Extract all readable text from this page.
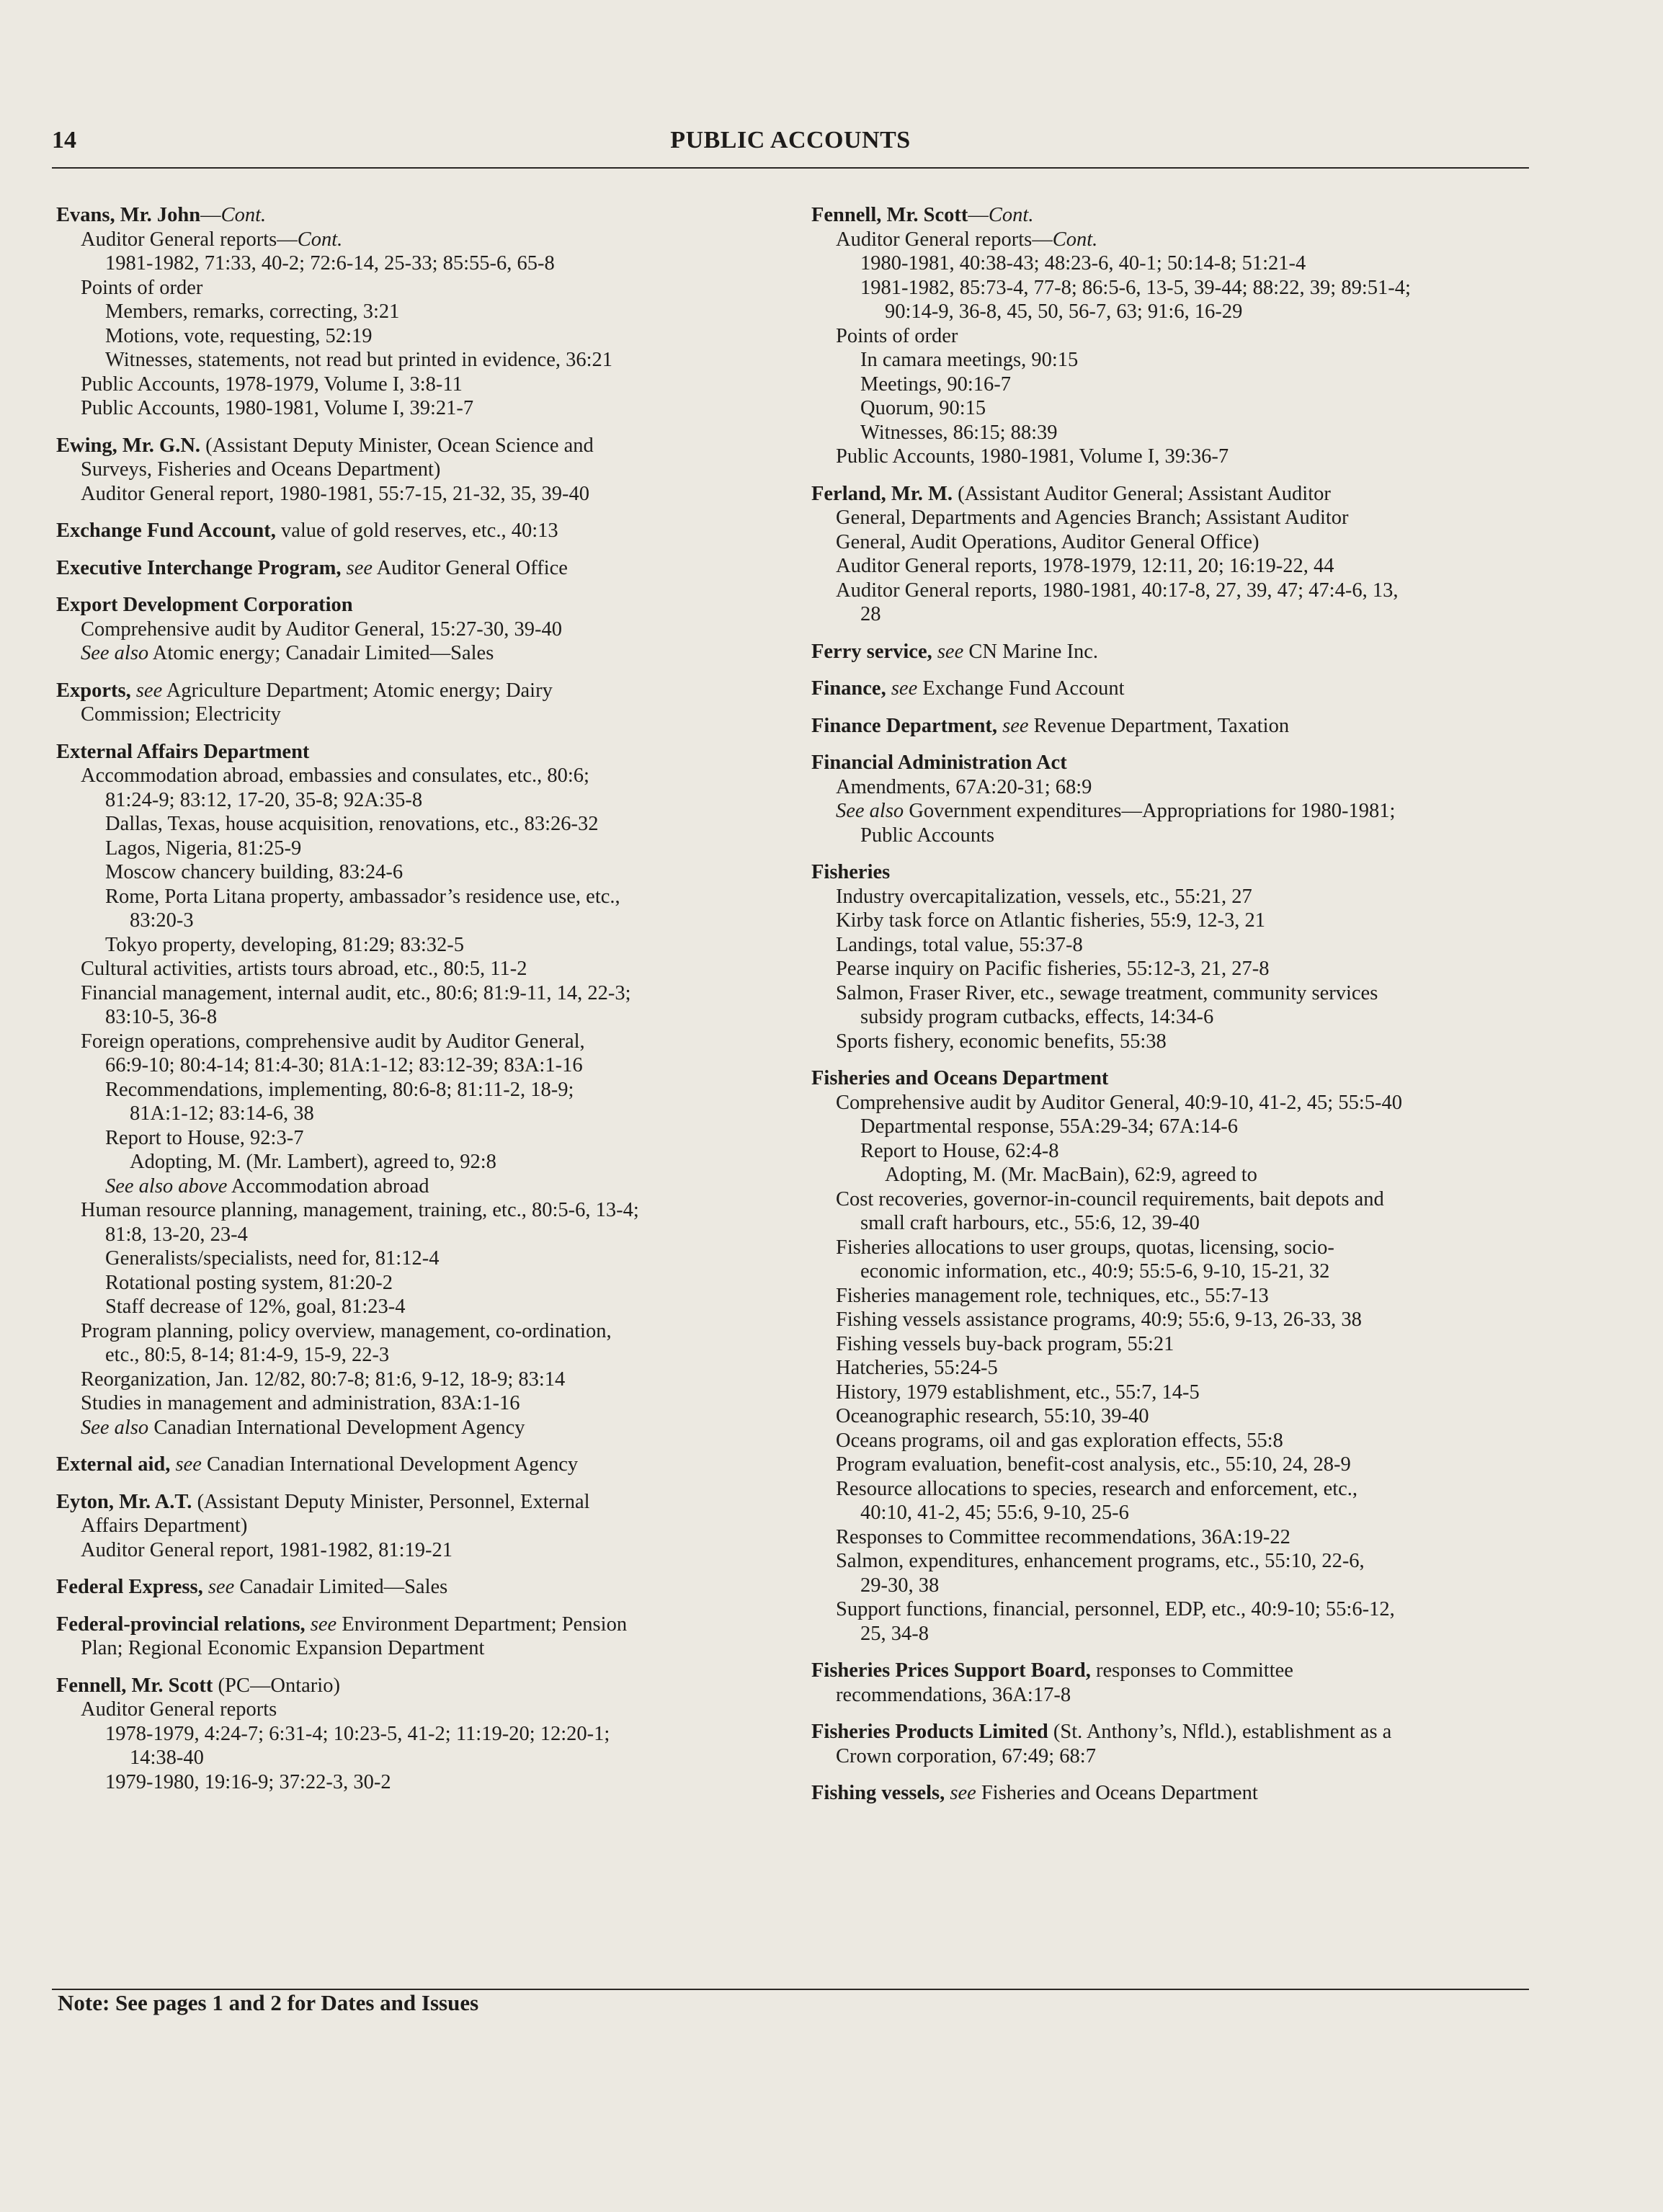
14	PUBLIC ACCOUNTS
Evans, Mr. John—Cont.
Auditor General reports—Cont.
1981-1982, 71:33, 40-2; 72:6-14, 25-33; 85:55-6, 65-8
Points of order
Members, remarks, correcting, 3:21
Motions, vote, requesting, 52:19
Witnesses, statements, not read but printed in evidence, 36:21
Public Accounts, 1978-1979, Volume I, 3:8-11
Public Accounts, 1980-1981, Volume I, 39:21-7
Ewing, Mr. G.N. (Assistant Deputy Minister, Ocean Science and
Surveys, Fisheries and Oceans Department)
Auditor General report, 1980-1981, 55:7-15, 21-32, 35, 39-40
Exchange Fund Account, value of gold reserves, etc., 40:13
Executive Interchange Program, see Auditor General Office
Export Development Corporation
Comprehensive audit by Auditor General, 15:27-30, 39-40
See also Atomic energy; Canadair Limited—Sales
Exports, see Agriculture Department; Atomic energy; Dairy
Commission; Electricity
External Affairs Department
Accommodation abroad, embassies and consulates, etc., 80:6;
81:24-9; 83:12, 17-20, 35-8; 92A:35-8
Dallas, Texas, house acquisition, renovations, etc., 83:26-32
Lagos, Nigeria, 81:25-9
Moscow chancery building, 83:24-6
Rome, Porta Litana property, ambassador’s residence use, etc.,
83:20-3
Tokyo property, developing, 81:29; 83:32-5
Cultural activities, artists tours abroad, etc., 80:5, 11-2
Financial management, internal audit, etc., 80:6; 81:9-11, 14, 22-3;
83:10-5, 36-8
Foreign operations, comprehensive audit by Auditor General,
66:9-10; 80:4-14; 81:4-30; 81A:1-12; 83:12-39; 83A:1-16
Recommendations, implementing, 80:6-8; 81:11-2, 18-9;
81A:1-12; 83:14-6, 38
Report to House, 92:3-7
Adopting, M. (Mr. Lambert), agreed to, 92:8
See also above Accommodation abroad
Human resource planning, management, training, etc., 80:5-6, 13-4;
81:8, 13-20, 23-4
Generalists/specialists, need for, 81:12-4
Rotational posting system, 81:20-2
Staff decrease of 12%, goal, 81:23-4
Program planning, policy overview, management, co-ordination,
etc., 80:5, 8-14; 81:4-9, 15-9, 22-3
Reorganization, Jan. 12/82, 80:7-8; 81:6, 9-12, 18-9; 83:14
Studies in management and administration, 83A:1-16
See also Canadian International Development Agency
External aid, see Canadian International Development Agency
Eyton, Mr. A.T. (Assistant Deputy Minister, Personnel, External
Affairs Department)
Auditor General report, 1981-1982, 81:19-21
Federal Express, see Canadair Limited—Sales
Federal-provincial relations, see Environment Department; Pension
Plan; Regional Economic Expansion Department
Fennell, Mr. Scott (PC—Ontario)
Auditor General reports
1978-1979, 4:24-7; 6:31-4; 10:23-5, 41-2; 11:19-20; 12:20-1;
14:38-40
1979-1980, 19:16-9; 37:22-3, 30-2
Fennell, Mr. Scott—Cont.
Auditor General reports—Cont.
1980-1981, 40:38-43; 48:23-6, 40-1; 50:14-8; 51:21-4
1981-1982, 85:73-4, 77-8; 86:5-6, 13-5, 39-44; 88:22, 39; 89:51-4;
90:14-9, 36-8, 45, 50, 56-7, 63; 91:6, 16-29
Points of order
In camara meetings, 90:15
Meetings, 90:16-7
Quorum, 90:15
Witnesses, 86:15; 88:39
Public Accounts, 1980-1981, Volume I, 39:36-7
Ferland, Mr. M. (Assistant Auditor General; Assistant Auditor
General, Departments and Agencies Branch; Assistant Auditor
General, Audit Operations, Auditor General Office)
Auditor General reports, 1978-1979, 12:11, 20; 16:19-22, 44
Auditor General reports, 1980-1981, 40:17-8, 27, 39, 47; 47:4-6, 13,
28
Ferry service, see CN Marine Inc.
Finance, see Exchange Fund Account
Finance Department, see Revenue Department, Taxation
Financial Administration Act
Amendments, 67A:20-31; 68:9
See also Government expenditures—Appropriations for 1980-1981;
Public Accounts
Fisheries
Industry overcapitalization, vessels, etc., 55:21, 27
Kirby task force on Atlantic fisheries, 55:9, 12-3, 21
Landings, total value, 55:37-8
Pearse inquiry on Pacific fisheries, 55:12-3, 21, 27-8
Salmon, Fraser River, etc., sewage treatment, community services
subsidy program cutbacks, effects, 14:34-6
Sports fishery, economic benefits, 55:38
Fisheries and Oceans Department
Comprehensive audit by Auditor General, 40:9-10, 41-2, 45; 55:5-40
Departmental response, 55A:29-34; 67A:14-6
Report to House, 62:4-8
Adopting, M. (Mr. MacBain), 62:9, agreed to
Cost recoveries, governor-in-council requirements, bait depots and
small craft harbours, etc., 55:6, 12, 39-40
Fisheries allocations to user groups, quotas, licensing, socio-
economic information, etc., 40:9; 55:5-6, 9-10, 15-21, 32
Fisheries management role, techniques, etc., 55:7-13
Fishing vessels assistance programs, 40:9; 55:6, 9-13, 26-33, 38
Fishing vessels buy-back program, 55:21
Hatcheries, 55:24-5
History, 1979 establishment, etc., 55:7, 14-5
Oceanographic research, 55:10, 39-40
Oceans programs, oil and gas exploration effects, 55:8
Program evaluation, benefit-cost analysis, etc., 55:10, 24, 28-9
Resource allocations to species, research and enforcement, etc.,
40:10, 41-2, 45; 55:6, 9-10, 25-6
Responses to Committee recommendations, 36A:19-22
Salmon, expenditures, enhancement programs, etc., 55:10, 22-6,
29-30, 38
Support functions, financial, personnel, EDP, etc., 40:9-10; 55:6-12,
25, 34-8
Fisheries Prices Support Board, responses to Committee
recommendations, 36A:17-8
Fisheries Products Limited (St. Anthony’s, Nfld.), establishment as a
Crown corporation, 67:49; 68:7
Fishing vessels, see Fisheries and Oceans Department
Note: See pages 1 and 2 for Dates and Issues
